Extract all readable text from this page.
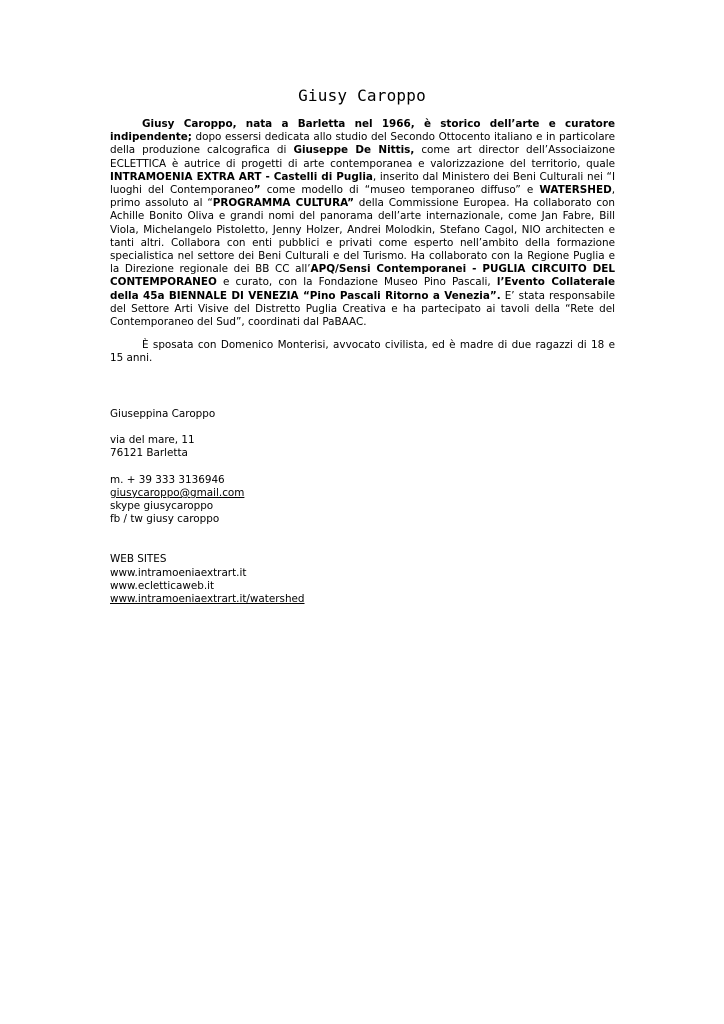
Giusy Caroppo

Giusy Caroppo, nata a Barletta nel 1966, è storico dell’arte e curatore indipendente; dopo essersi dedicata allo studio del Secondo Ottocento italiano e in particolare della produzione calcografica di Giuseppe De Nittis, come art director dell’Associaizone ECLETTICA è autrice di progetti di arte contemporanea e valorizzazione del territorio, quale INTRAMOENIA EXTRA ART - Castelli di Puglia, inserito dal Ministero dei Beni Culturali nei “I luoghi del Contemporaneo” come modello di “museo temporaneo diffuso” e WATERSHED, primo assoluto al “PROGRAMMA CULTURA” della Commissione Europea. Ha collaborato con Achille Bonito Oliva e grandi nomi del panorama dell’arte internazionale, come Jan Fabre, Bill Viola, Michelangelo Pistoletto, Jenny Holzer, Andrei Molodkin, Stefano Cagol, NIO architecten e tanti altri. Collabora con enti pubblici e privati come esperto nell’ambito della formazione specialistica nel settore dei Beni Culturali e del Turismo. Ha collaborato con la Regione Puglia e la Direzione regionale dei BB CC all’APQ/Sensi Contemporanei - PUGLIA CIRCUITO DEL CONTEMPORANEO e curato, con la Fondazione Museo Pino Pascali, l’Evento Collaterale della 45a BIENNALE DI VENEZIA “Pino Pascali Ritorno a Venezia”. E’ stata responsabile del Settore Arti Visive del Distretto Puglia Creativa e ha partecipato ai tavoli della “Rete del Contemporaneo del Sud”, coordinati dal PaBAAC.

È sposata con Domenico Monterisi, avvocato civilista, ed è madre di due ragazzi di 18 e 15 anni.

Giuseppina Caroppo
via del mare, 11
76121 Barletta
m. + 39 333 3136946
giusycaroppo@gmail.com
skype giusycaroppo
fb / tw giusy caroppo
WEB SITES
www.intramoeniaextrart.it
www.ecletticaweb.it
www.intramoeniaextrart.it/watershed
